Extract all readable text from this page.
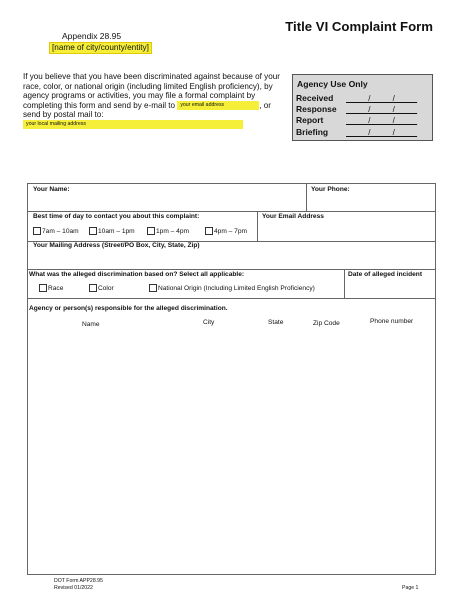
Appendix 28.95
[name of city/county/entity]
Title VI Complaint Form
If you believe that you have been discriminated against because of your race, color, or national origin (including limited English proficiency), by agency programs or activities, you may file a formal complaint by completing this form and send by e-mail to your email address	, or send by postal mail to: your local mailing address
Agency Use Only
Received	/          /
Response	/          /
Report	/          /
Briefing	/          /
Your Name:	Your Phone:
Best time of day to contact you about this complaint:
7am – 10am	10am – 1pm	1pm – 4pm	4pm – 7pm
Your Email Address
Your Mailing Address (Street/PO Box, City, State, Zip)
What was the alleged discrimination based on? Select all applicable:
Race	Color	National Origin (Including Limited English Proficiency)
Date of alleged incident
Agency or person(s) responsible for the alleged discrimination.
Name	City	State	Zip Code	Phone number
DOT Form APP28.95
Revised 01/2022	Page 1
